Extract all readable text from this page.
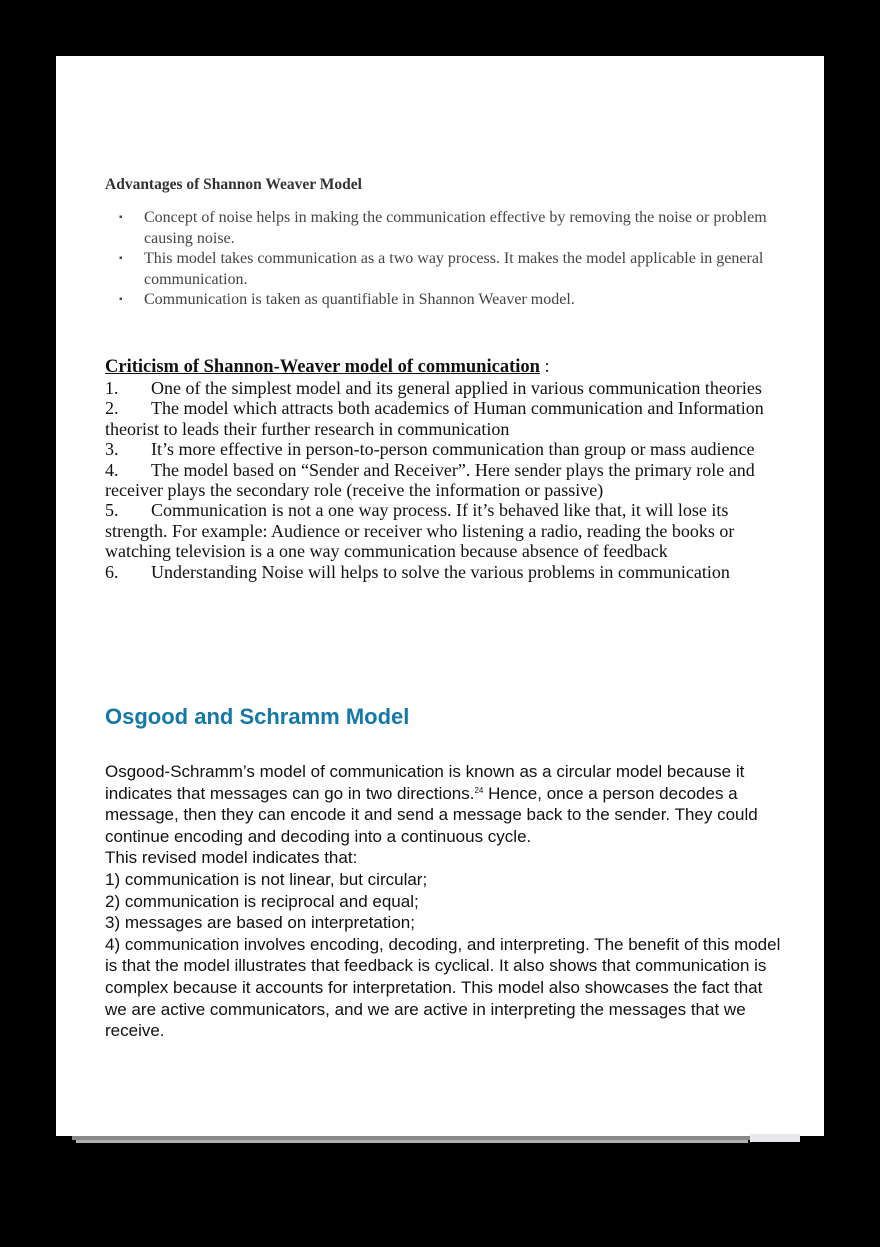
Advantages of Shannon Weaver Model
▪ Concept of noise helps in making the communication effective by removing the noise or problem causing noise.
▪ This model takes communication as a two way process. It makes the model applicable in general communication.
▪ Communication is taken as quantifiable in Shannon Weaver model.
Criticism of Shannon-Weaver model of communication :
1. One of the simplest model and its general applied in various communication theories
2. The model which attracts both academics of Human communication and Information theorist to leads their further research in communication
3. It’s more effective in person-to-person communication than group or mass audience
4. The model based on “Sender and Receiver”. Here sender plays the primary role and receiver plays the secondary role (receive the information or passive)
5. Communication is not a one way process. If it’s behaved like that, it will lose its strength. For example: Audience or receiver who listening a radio, reading the books or watching television is a one way communication because absence of feedback
6. Understanding Noise will helps to solve the various problems in communication
Osgood and Schramm Model

Osgood-Schramm’s model of communication is known as a circular model because it indicates that messages can go in two directions.$^{24}$ Hence, once a person decodes a message, then they can encode it and send a message back to the sender. They could continue encoding and decoding into a continuous cycle.

This revised model indicates that:

1) communication is not linear, but circular;

2) communication is reciprocal and equal;

3) messages are based on interpretation;

4) communication involves encoding, decoding, and interpreting. The benefit of this model is that the model illustrates that feedback is cyclical. It also shows that communication is complex because it accounts for interpretation. This model also showcases the fact that we are active communicators, and we are active in interpreting the messages that we receive.
